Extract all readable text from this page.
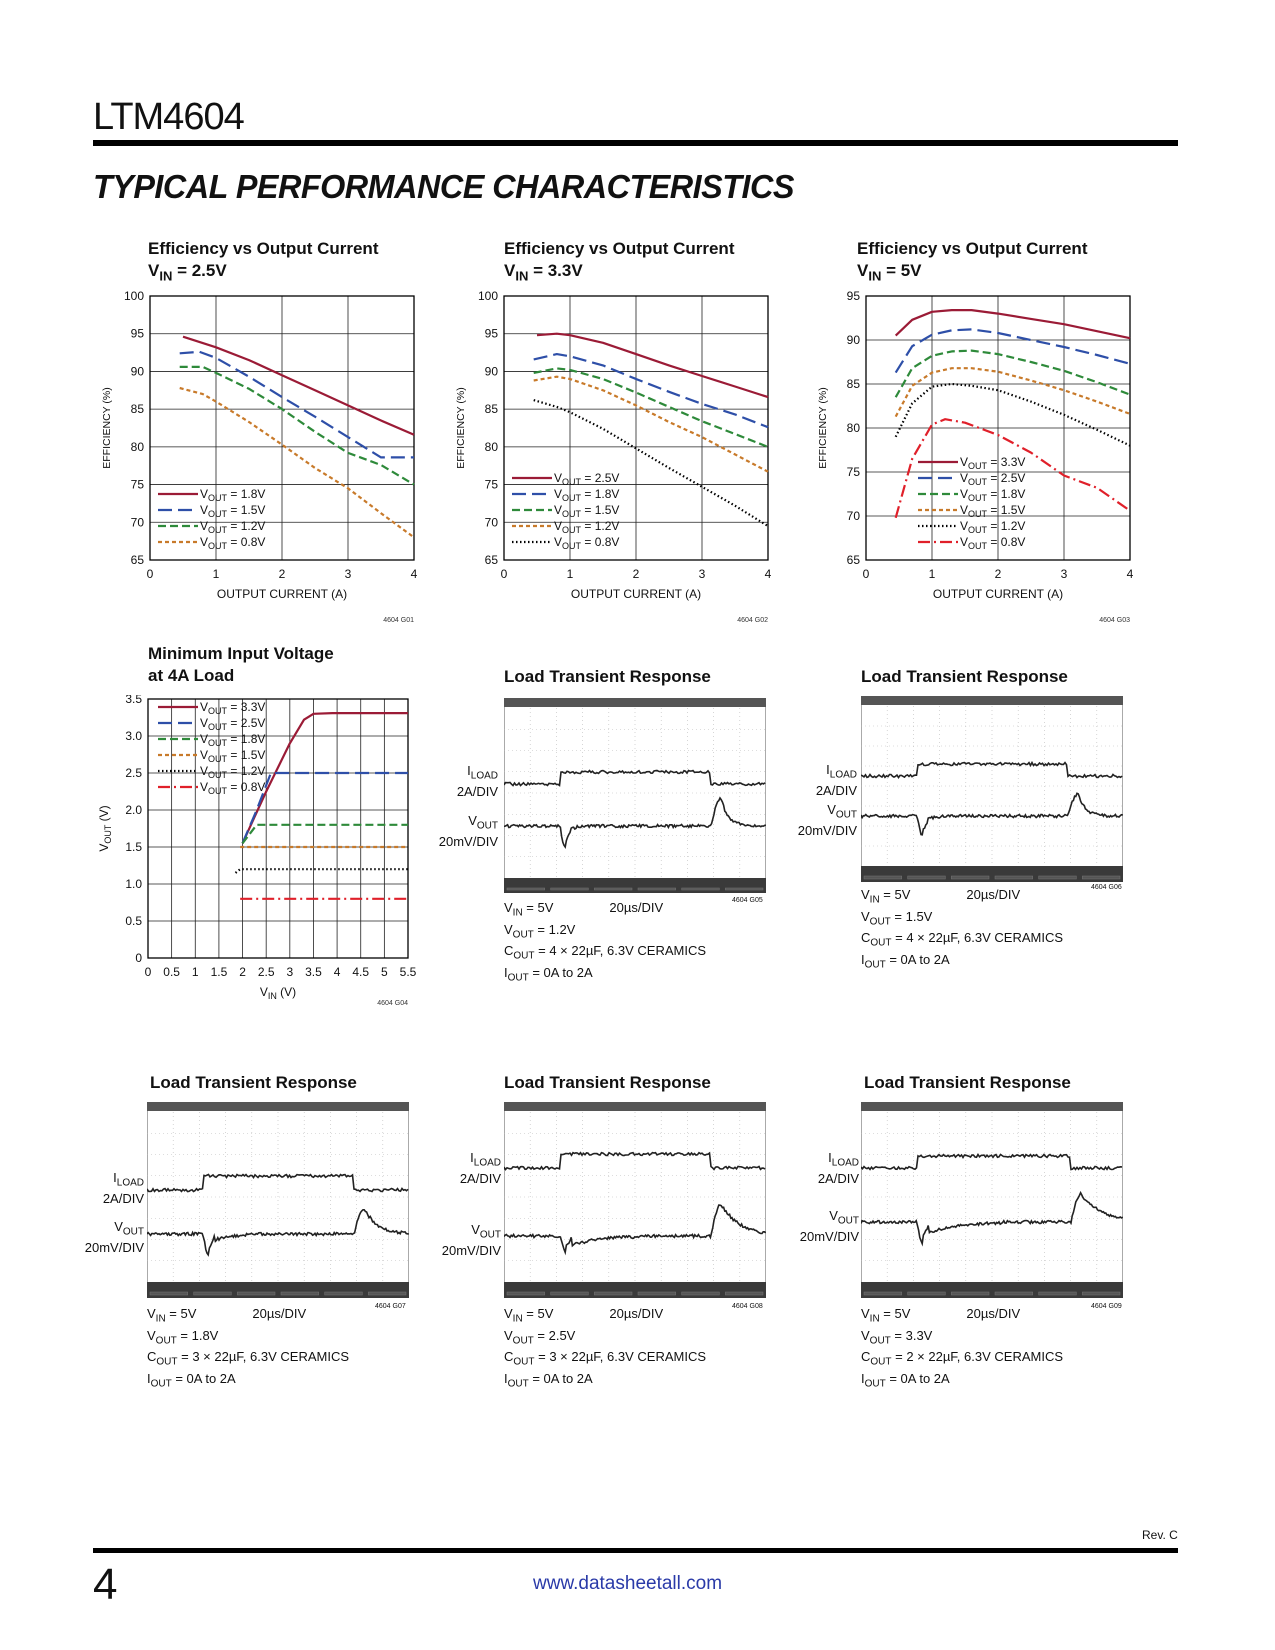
LTM4604
TYPICAL PERFORMANCE CHARACTERISTICS
Efficiency vs Output Current
$V_{IN} = 2.5V$
Efficiency vs Output Current
$V_{IN} = 3.3V$
Efficiency vs Output Current
$V_{IN} = 5V$
Minimum Input Voltage
at 4A Load
0	1	2	3	4
65
70
75
80
85
90
95
100
OUTPUT CURRENT (A)
EFFICIENCY (%)
$V_{OUT} = 1.8V$
$V_{OUT} = 1.5V$
$V_{OUT} = 1.2V$
$V_{OUT} = 0.8V$
4604 G01
0	1	2	3	4
65
70
75
80
85
90
95
100
OUTPUT CURRENT (A)
EFFICIENCY (%)
$V_{OUT} = 2.5V$
$V_{OUT} = 1.8V$
$V_{OUT} = 1.5V$
$V_{OUT} = 1.2V$
$V_{OUT} = 0.8V$
4604 G02
0	1	2	3	4
65
70
75
80
85
90
95
OUTPUT CURRENT (A)
EFFICIENCY (%)	$V_{OUT} = 3.3V$
$V_{OUT} = 2.5V$
$V_{OUT} = 1.8V$
$V_{OUT} = 1.5V$
$V_{OUT} = 1.2V$
$V_{OUT} = 0.8V$
4604 G03
0 0.5 1 1.5 2 2.5 3 3.5 4 4.5 5 5.5
0
0.5
1.0
1.5
2.0
2.5
3.0
3.5
$V_{IN}$ (V)
$V_{OUT}$ (V)
$V_{OUT} = 3.3V$
$V_{OUT} = 2.5V$
$V_{OUT} = 1.8V$
$V_{OUT} = 1.5V$
$V_{OUT} = 1.2V$
$V_{OUT} = 0.8V$
4604 G04
Load Transient Response	Load Transient Response
Load Transient Response	Load Transient Response	Load Transient Response
$I_{LOAD}$
2A/DIV
$V_{OUT}$
20mV/DIV
$I_{LOAD}$
2A/DIV
$V_{OUT}$
20mV/DIV
$I_{LOAD}$
2A/DIV
$V_{OUT}$
20mV/DIV
$I_{LOAD}$
2A/DIV
$V_{OUT}$
20mV/DIV
$I_{LOAD}$
2A/DIV
$V_{OUT}$
20mV/DIV
4604 G05
4604 G06
4604 G07	4604 G08	4604 G09
$V_{IN} = 5V$	20µs/DIV
$V_{OUT} = 1.2V$
$C_{OUT} = 4 \times 22\mu F$, 6.3V CERAMICS
$I_{OUT} = 0A$ to 2A
$V_{IN} = 5V$	20µs/DIV
$V_{OUT} = 1.5V$
$C_{OUT} = 4 \times 22\mu F$, 6.3V CERAMICS
$I_{OUT} = 0A$ to 2A
$V_{IN} = 5V$	20µs/DIV
$V_{OUT} = 1.8V$
$C_{OUT} = 3 \times 22\mu F$, 6.3V CERAMICS
$I_{OUT} = 0A$ to 2A
$V_{IN} = 5V$	20µs/DIV
$V_{OUT} = 2.5V$
$C_{OUT} = 3 \times 22\mu F$, 6.3V CERAMICS
$I_{OUT} = 0A$ to 2A
$V_{IN} = 5V$	20µs/DIV
$V_{OUT} = 3.3V$
$C_{OUT} = 2 \times 22\mu F$, 6.3V CERAMICS
$I_{OUT} = 0A$ to 2A
Rev. C
4	www.datasheetall.com
